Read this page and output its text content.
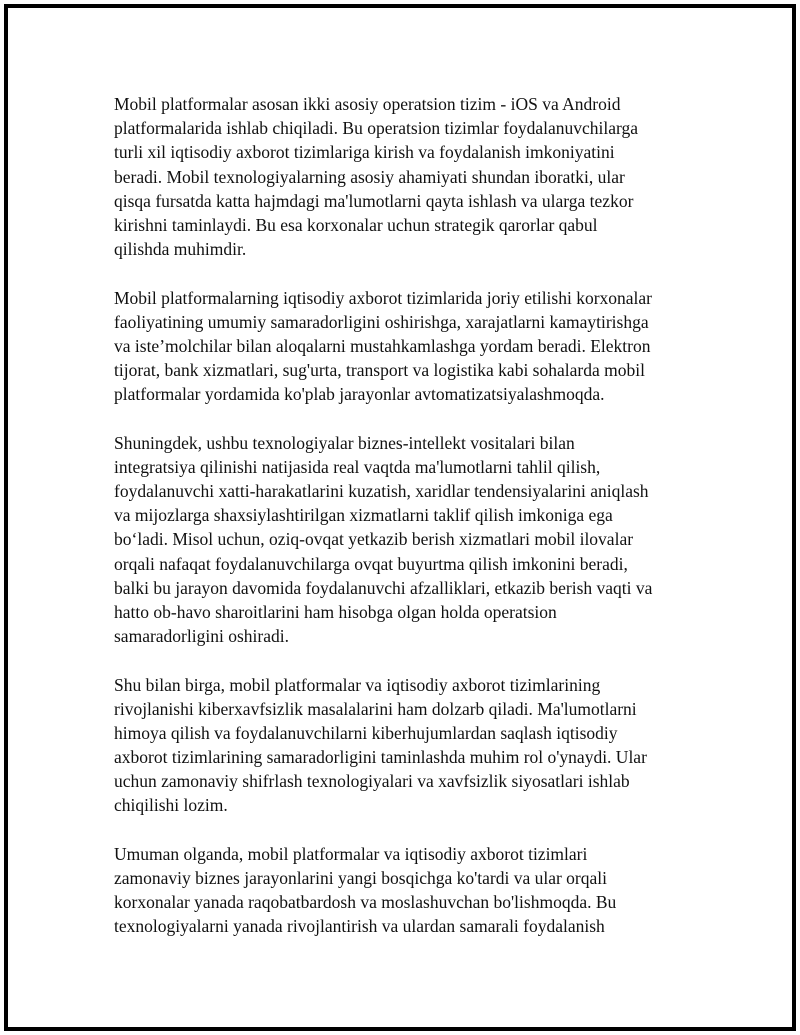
Mobil platformalar asosan ikki asosiy operatsion tizim - iOS va Android
platformalarida ishlab chiqiladi. Bu operatsion tizimlar foydalanuvchilarga
turli xil iqtisodiy axborot tizimlariga kirish va foydalanish imkoniyatini
beradi. Mobil texnologiyalarning asosiy ahamiyati shundan iboratki, ular
qisqa fursatda katta hajmdagi ma'lumotlarni qayta ishlash va ularga tezkor
kirishni taminlaydi. Bu esa korxonalar uchun strategik qarorlar qabul
qilishda muhimdir.

Mobil platformalarning iqtisodiy axborot tizimlarida joriy etilishi korxonalar
faoliyatining umumiy samaradorligini oshirishga, xarajatlarni kamaytirishga
va iste’molchilar bilan aloqalarni mustahkamlashga yordam beradi. Elektron
tijorat, bank xizmatlari, sug'urta, transport va logistika kabi sohalarda mobil
platformalar yordamida ko'plab jarayonlar avtomatizatsiyalashmoqda.

Shuningdek, ushbu texnologiyalar biznes-intellekt vositalari bilan
integratsiya qilinishi natijasida real vaqtda ma'lumotlarni tahlil qilish,
foydalanuvchi xatti-harakatlarini kuzatish, xaridlar tendensiyalarini aniqlash
va mijozlarga shaxsiylashtirilgan xizmatlarni taklif qilish imkoniga ega
bo‘ladi. Misol uchun, oziq-ovqat yetkazib berish xizmatlari mobil ilovalar
orqali nafaqat foydalanuvchilarga ovqat buyurtma qilish imkonini beradi,
balki bu jarayon davomida foydalanuvchi afzalliklari, etkazib berish vaqti va
hatto ob-havo sharoitlarini ham hisobga olgan holda operatsion
samaradorligini oshiradi.

Shu bilan birga, mobil platformalar va iqtisodiy axborot tizimlarining
rivojlanishi kiberxavfsizlik masalalarini ham dolzarb qiladi. Ma'lumotlarni
himoya qilish va foydalanuvchilarni kiberhujumlardan saqlash iqtisodiy
axborot tizimlarining samaradorligini taminlashda muhim rol o'ynaydi. Ular
uchun zamonaviy shifrlash texnologiyalari va xavfsizlik siyosatlari ishlab
chiqilishi lozim.

Umuman olganda, mobil platformalar va iqtisodiy axborot tizimlari
zamonaviy biznes jarayonlarini yangi bosqichga ko'tardi va ular orqali
korxonalar yanada raqobatbardosh va moslashuvchan bo'lishmoqda. Bu
texnologiyalarni yanada rivojlantirish va ulardan samarali foydalanish
